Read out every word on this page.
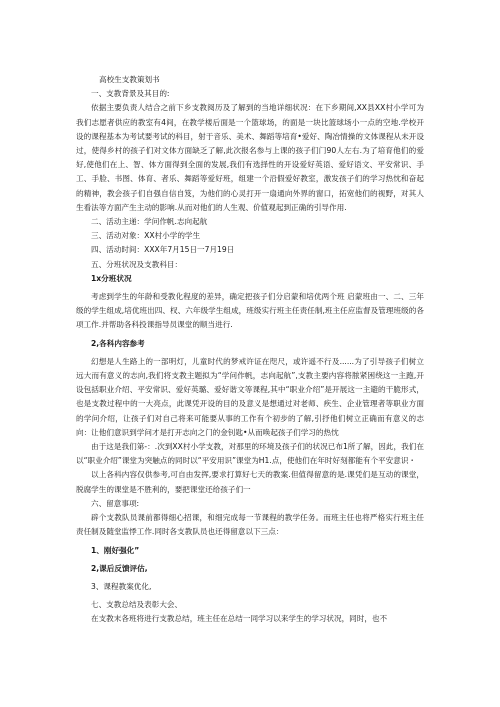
高校生支教策划书
一、支教背景及其目的:
依据主要负责人结合之前下乡支教阅历及了解到的当地详细状况：在下乡期间,XX县XX村小学可为我们志愿者供应的教室有4间，在教学楼后面是一个篮球场，的面是一块比篮球场小一点的空地.学校开设的课程基本为考试要考试的科目，射于音乐、美术、舞蹈等培育•爱好、陶冶情操的文体课程从未开设过，使得乡村的孩子们对文体方面缺乏了解,此次报名参与上课的孩子们门90人左右.为了培育他们的爱好,使他们在上、智、体方面得到全面的发展,我们有选择性的开设爱好英语、爱好语文、平安常识、手工、手脸、书图、体育、者乐、舞蹈等爱好班，组建一个沿假爱好教室，激发孩子们的学习热忱和奋起的精神，教会孩子们自强自信自笈，为他们的心灵打开一扇通向外界的窗口，拓宽他们的视野，对其人生看法等方面产生主动的影响.从而对他们的人生观、价值观起到正确的引导作用.
二、活动主递：学问作帆.志向起航
三、活动对象：XX村小学的学生
四、活动时间：XXX年7月15日一7月19日
五、分班状况及支教科目：
1x分班状况
考虑到学生的年龄和受教化程度的差异，确定把孩子们分启蒙和培优两个班 启蒙班由一、二、三年级的学生组成,培优班出四、杈、六年级学生组成，班级实行班主任责任制,班主任应监督及管理班级的各项工作.并帮助各科投课指导员课堂的顺当进行.
2,各科内容参考
幻想是人生路上的一部明灯，儿童时代的梦戒许证在咫尺，或许遥不行及......为了引导孩子们树立远大而有意义的志向,我们将支教主题拟为“学问作帆，志向起航”,支教主要内容将脓紧困绕这一主跑,开设包括职业介绍、平安常识、爱好英璐、爱好谐文等课程,其中“职业介绍”是开展这一主避的干脆形式，也是支教过程中的一大亮点，此课凭开设的目的及意义是想通过对老师、疾生、企业管理者等职业方面的学问介绍，让孩子们对自己将来可能要从事的工作有个初步的了解,引抒他们树立正确而有意义的志向：让他们意识到学问才是打开志向之门的金钊匙•从而唤起孩子们学习的热忱
由于这是我们第-：.次到XX村小学支教，对那里的环境及孩子们的状况已布1所了解，因此，我们在以“职业介绍”课堂为突触点的同时以“平安用识”课堂为H1.点，使他们在年时好刻都能有个平安意识・
以上各科内容仅供参考,可自由发挥,要求打算好七天的教案.但值得留意的是.课凭们是互动的课堂，脱腐学生的课堂是不胜利的，要把课堂还给孩子们一
六、留意事项:
辟个支教队员课前都得细心招课，和细完成每一节课程的教学任务。而班主任也将严格实行班主任责任制及随堂监悸工作.同时各支教队员也还得留意以下三点：
1、刚好强化”
2,课后反馈评估,
3、课程教案优化,
七、支教总结及表彰大会、
在支教末各班将进行支教总结，班主任在总结一同学习以来学生的学习状况，同时，也不
